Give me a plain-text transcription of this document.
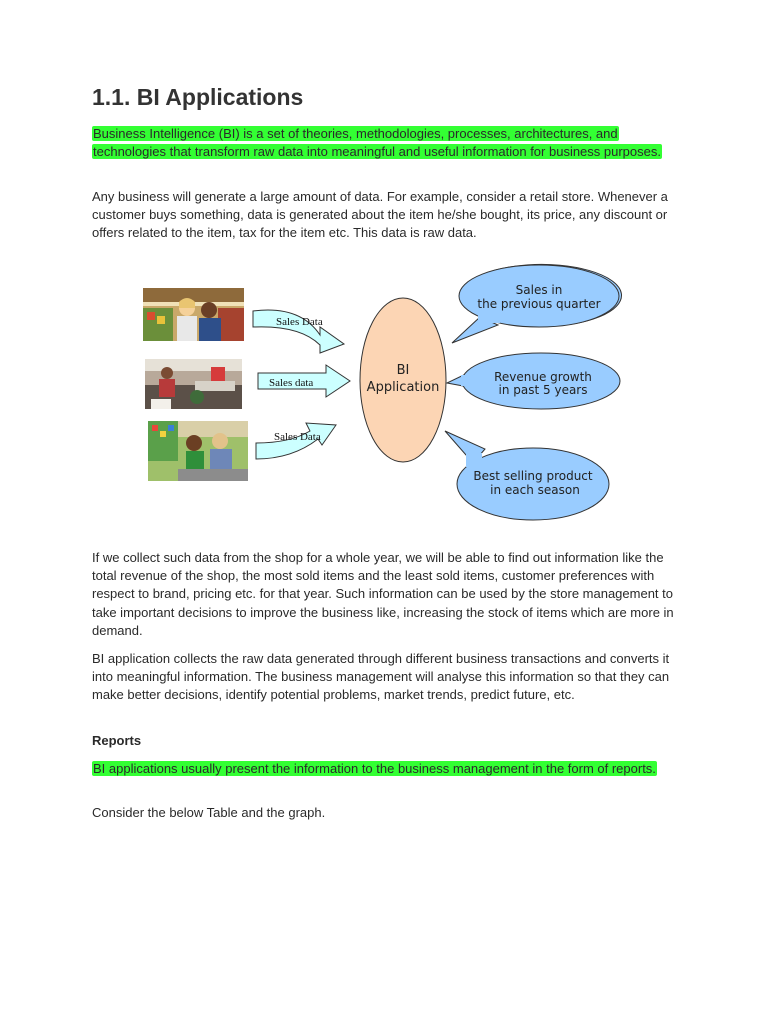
1.1. BI Applications

Business Intelligence (BI) is a set of theories, methodologies, processes, architectures, and technologies that transform raw data into meaningful and useful information for business purposes.

Any business will generate a large amount of data. For example, consider a retail store. Whenever a customer buys something, data is generated about the item he/she bought, its price, any discount or offers related to the item, tax for the item etc. This data is raw data.

Sales Data
Sales data
Sales Data
BI
Application
Sales in
the previous quarter
Revenue growth
in past 5 years
Best selling product
in each season

If we collect such data from the shop for a whole year, we will be able to find out information like the total revenue of the shop, the most sold items and the least sold items, customer preferences with respect to brand, pricing etc. for that year. Such information can be used by the store management to take important decisions to improve the business like, increasing the stock of items which are more in demand.

BI application collects the raw data generated through different business transactions and converts it into meaningful information. The business management will analyse this information so that they can make better decisions, identify potential problems, market trends, predict future, etc.

Reports

BI applications usually present the information to the business management in the form of reports.

Consider the below Table and the graph.
